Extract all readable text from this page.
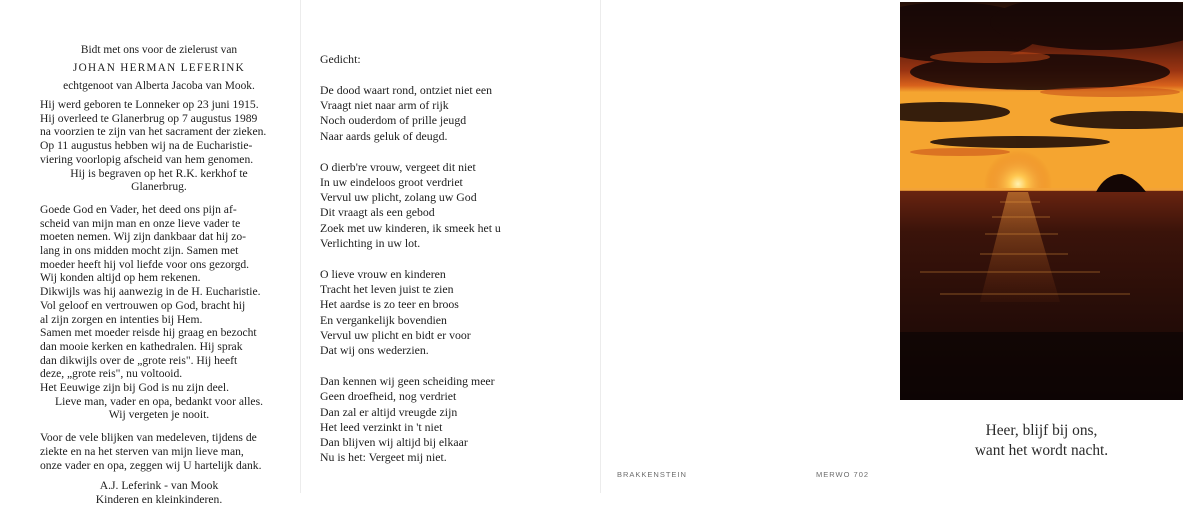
Bidt met ons voor de zielerust van
JOHAN HERMAN LEFERINK
echtgenoot van Alberta Jacoba van Mook.
Hij werd geboren te Lonneker op 23 juni 1915.
Hij overleed te Glanerbrug op 7 augustus 1989
na voorzien te zijn van het sacrament der zieken.
Op 11 augustus hebben wij na de Eucharistie-
viering voorlopig afscheid van hem genomen.
Hij is begraven op het R.K. kerkhof te
Glanerbrug.
Goede God en Vader, het deed ons pijn af-
scheid van mijn man en onze lieve vader te
moeten nemen. Wij zijn dankbaar dat hij zo-
lang in ons midden mocht zijn. Samen met
moeder heeft hij vol liefde voor ons gezorgd.
Wij konden altijd op hem rekenen.
Dikwijls was hij aanwezig in de H. Eucharistie.
Vol geloof en vertrouwen op God, bracht hij
al zijn zorgen en intenties bij Hem.
Samen met moeder reisde hij graag en bezocht
dan mooie kerken en kathedralen. Hij sprak
dan dikwijls over de „grote reis". Hij heeft
deze, „grote reis", nu voltooid.
Het Eeuwige zijn bij God is nu zijn deel.
Lieve man, vader en opa, bedankt voor alles.
Wij vergeten je nooit.
Voor de vele blijken van medeleven, tijdens de
ziekte en na het sterven van mijn lieve man,
onze vader en opa, zeggen wij U hartelijk dank.
A.J. Leferink - van Mook
Kinderen en kleinkinderen.
Gedicht:
De dood waart rond, ontziet niet een
Vraagt niet naar arm of rijk
Noch ouderdom of prille jeugd
Naar aards geluk of deugd.
O dierb're vrouw, vergeet dit niet
In uw eindeloos groot verdriet
Vervul uw plicht, zolang uw God
Dit vraagt als een gebod
Zoek met uw kinderen, ik smeek het u
Verlichting in uw lot.
O lieve vrouw en kinderen
Tracht het leven juist te zien
Het aardse is zo teer en broos
En vergankelijk bovendien
Vervul uw plicht en bidt er voor
Dat wij ons wederzien.
Dan kennen wij geen scheiding meer
Geen droefheid, nog verdriet
Dan zal er altijd vreugde zijn
Het leed verzinkt in 't niet
Dan blijven wij altijd bij elkaar
Nu is het: Vergeet mij niet.
BRAKKENSTEIN	MERWO 702
Heer, blijf bij ons,
want het wordt nacht.
